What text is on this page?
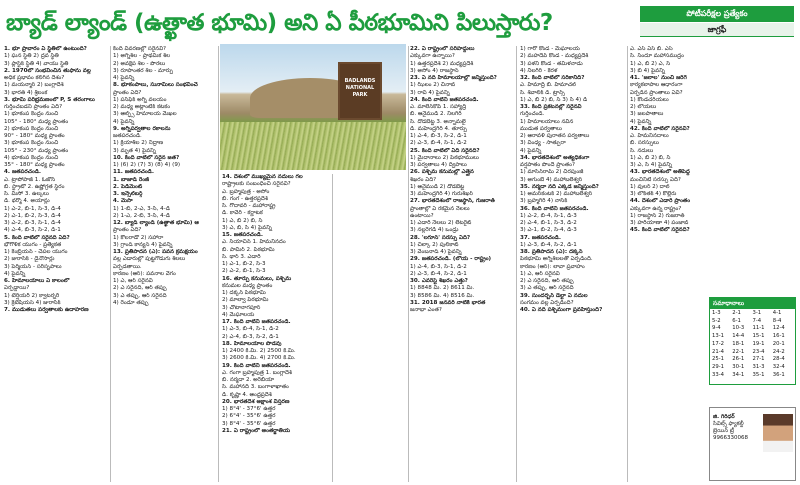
బ్యాడ్ ల్యాండ్ (ఉత్ఖాత భూమి) అని ఏ పీఠభూమిని పిలుస్తారు?	పోటీపరీక్షల ప్రత్యేకం
జాగ్రఫీ

1. భూ ప్రావారం ఏ స్థితిలో ఉంటుంది?

1) ఘన స్థితి 2) ద్రవ స్థితి

3) ప్లాస్టిక్ స్థితి 4) వాయు స్థితి

2. 1970లో సంభవించిన తుఫాను వల్ల

అధిక ప్రభావం కలిగిన దేశం?

1) మయన్మార్ 2) బంగ్లాదేశ్

3) భారత్ 4) శ్రీలంక

3. భూమి పరిభ్రమణంలో P, S తరంగాలు

గుర్తించబడని ప్రాంతం ఏది?

1) భూకంప కేంద్రం నుంచి

105° - 180° మధ్య ప్రాంతం

2) భూకంప కేంద్రం నుంచి

90° - 180° మధ్య ప్రాంతం

3) భూకంప కేంద్రం నుంచి

105° - 230° మధ్య ప్రాంతం

4) భూకంప కేంద్రం నుంచి

35° - 180° మధ్య ప్రాంతం

4. జతపరచండి.

ఎ. ట్రాపోపాజ్ 1. ఓజోన్

బి. స్ట్రాటో 2. ఉష్ణోగ్రత స్థిరం

సి. మీసో 3. ఉల్కలు

డి. థర్మో 4. అయాన్లు

1) ఎ-2, బి-1, సి-3, డి-4

2) ఎ-1, బి-2, సి-3, డి-4

3) ఎ-2, బి-3, సి-1, డి-4

4) ఎ-4, బి-3, సి-2, డి-1

5. కింది వాటిలో సరైనది ఏది?

భౌగోళిక యుగం - ప్రత్యేకత

1) కేంబ్రియన్ - చేపల యుగం

2) జురాసిక్ - డైనోసార్లు

3) పెర్మియన్ - సరీసృపాలు

4) పైవన్నీ

6. హిమాలయాలు ఏ కాలంలో

ఏర్పడ్డాయి?

1) టెర్షియరీ 2) క్వాటర్నరీ

3) క్రెటేషియస్ 4) జురాసిక్

7. ముడుతలు పర్వతాలకు ఉదాహరణ

కింది వివరణల్లో సరైనవి?

1) అగ్నిశిల - ప్రాథమిక శిల

2) అవక్షేప శిల - పొరలు

3) రూపాంతర శిల - మార్పు

4) పైవన్నీ

8. భూకంపాలు, సునామీలు సంభవించే

ప్రాంతం ఏది?

1) పసిఫిక్ అగ్ని వలయం

2) మధ్య అట్లాంటిక్ కటకం

3) ఆల్ఫ్స్ హిమాలయ మేఖల

4) పైవన్నీ

9. అగ్నిపర్వతాల రకాలను

జతపరచండి.

1) క్రియాశీల 2) నిద్రాణ

3) మృత 4) పైవన్నీ

10. కింది వాటిలో సరైన జత?

1) (6) 2) (7) 3) (8) 4) (9)

11. జతపరచండి.

1. బాజాడ్ రేంజ్

2. పెడిమెంట్

3. ఇన్సెల్‌బర్గ్

4. మెసా

1) 1-బి, 2-ఎ, 3-సి, 4-డి

2) 1-ఎ, 2-బి, 3-సి, 4-డి

12. బ్యాడ్ ల్యాండ్ (ఉత్ఖాత భూమి) ఆ

ప్రాంతం ఏది?

1) కోలరాడో 2) సహారా

3) గ్రాండ్ కాన్యన్ 4) పైవన్నీ

13. ప్రతిపాదన (ఎ): పవన క్రమక్షయం

వల్ల ఎడారుల్లో పుట్టగొడుగు శిలలు

ఏర్పడతాయి.

కారణం (ఆర్): పవనాల వేగం

1) ఎ, ఆర్ సరైనవి

2) ఎ సరైనది, ఆర్ తప్పు

3) ఎ తప్పు, ఆర్ సరైనది

4) రెండూ తప్పు

BADLANDS
NATIONAL PARK

14. దేశంలో ముఖ్యమైన నదులు గల

రాష్ట్రాలకు సంబంధించి సరైనవి?

ఎ. బ్రహ్మపుత్ర - అసోం

బి. గంగ - ఉత్తరప్రదేశ్

సి. గోదావరి - మహారాష్ట్ర

డి. కావేరి - కర్ణాటక

1) ఎ, బి 2) బి, సి

3) ఎ, బి, సి 4) పైవన్నీ

15. జతపరచండి.

ఎ. సియాచిన్ 1. హిమనీనదం

బి. పామీర్ 2. పీఠభూమి

సి. థార్ 3. ఎడారి

1) ఎ-1, బి-2, సి-3

2) ఎ-2, బి-1, సి-3

16. తూర్పు కనుమలు, పశ్చిమ

కనుమల మధ్య ప్రాంతం

1) దక్కన్ పీఠభూమి

2) మాల్వా పీఠభూమి

3) చోటానాగపూర్

4) మేఘాలయ

17. కింది వాటిని జతపరచండి.

1) ఎ-3, బి-4, సి-1, డి-2

2) ఎ-4, బి-3, సి-2, డి-1

18. హిమాలయాల పొడవు

1) 2400 కి.మీ. 2) 2500 కి.మీ.

3) 2600 కి.మీ. 4) 2700 కి.మీ.

19. కింది వాటిని జతపరచండి.

ఎ. గంగా బ్రహ్మపుత్ర 1. బంగ్లాదేశ్

బి. నర్మదా 2. అరేబియా

సి. మహానది 3. బంగాళాఖాతం

డి. కృష్ణా 4. ఆంధ్రప్రదేశ్

20. భారతదేశ అక్షాంశ విస్తరణ

1) 8°4' - 37°6' ఉత్తర

2) 6°4' - 35°6' ఉత్తర

3) 8°4' - 35°6' ఉత్తర

21. ఏ రాష్ట్రంలో అంతర్జాతీయ

22. ఏ రాష్ట్రంలో సరిహద్దులు

ఎక్కువగా ఉన్నాయి?

1) ఉత్తరప్రదేశ్ 2) మధ్యప్రదేశ్

3) అసోం 4) రాజస్థాన్

23. ఏ నది హిమాలయాల్లో జన్మిస్తుంది?

1) ఝీలం 2) చీనాబ్

3) రావి 4) పైవన్నీ

24. కింది వాటిని జతపరచండి.

ఎ. మాలెన్‌కోవ్ 1. సహ్యాద్రి

బి. ఆనైముడి 2. నీలగిరి

సి. దొడబెట్ట 3. అన్నామలై

డి. మహేంద్రగిరి 4. తూర్పు

1) ఎ-4, బి-3, సి-2, డి-1

2) ఎ-3, బి-4, సి-1, డి-2

25. కింది వాటిలో ఏది సరైనది?

1) మైదానాలు 2) పీఠభూములు

3) పర్వతాలు 4) ద్వీపాలు

26. పశ్చిమ కనుమల్లో ఎత్తైన

శిఖరం ఏది?

1) ఆనైముడి 2) దొడబెట్ట

3) మహేంద్రగిరి 4) గురుశిఖర్

27. భారతదేశంలో రాజస్థాన్, గుజరాత్

ప్రాంతాల్లో ఏ రకమైన నేలలు

ఉంటాయి?

1) ఎడారి నేలలు 2) లేటరైట్

3) నల్లరేగడి 4) ఒండ్రు

28. 'లగూన్' సరస్సు ఏది?

1) చిల్కా 2) పులికాట్

3) వేంబనాడ్ 4) పైవన్నీ

29. జతపరచండి. (లోయ - రాష్ట్రం)

1) ఎ-4, బి-3, సి-1, డి-2

2) ఎ-3, బి-4, సి-2, డి-1

30. ఎవరెస్ట్ శిఖరం ఎత్తు?

1) 8848 మీ. 2) 8611 మీ.

3) 8586 మీ. 4) 8516 మీ.

31. 2018 జనవరి నాటికి భారత

జనాభా ఎంత?

1) గారో కొండ - మేఘాలయ

2) మహదేవ్ కొండ - మధ్యప్రదేశ్

3) పళని కొండ - తమిళనాడు

4) నీలగిరి - కేరళ

32. కింది వాటిలో సరికానిది?

ఎ. హిమాద్రి బి. హిమాచల్

సి. శివాలిక్ డి. ట్రాన్స్

1) ఎ, బి 2) బి, సి 3) సి 4) డి

33. కింది ప్రకటనల్లో సరైనవి

గుర్తించండి.

1) హిమాలయాలు నవీన

ముడుత పర్వతాలు

2) ఆరావళి పురాతన పర్వతాలు

3) వింధ్య - సాత్పురా

4) పైవన్నీ

34. భారతదేశంలో అత్యధికంగా

వర్షపాతం పొందే ప్రాంతం?

1) మాసిన్‌రామ్ 2) చిరపుంజీ

3) అగుంబే 4) మహాబలేశ్వర్

35. నర్మదా నది ఎక్కడ జన్మిస్తుంది?

1) అమర్‌కంటక్ 2) మహాబలేశ్వర్

3) బ్రహ్మగిరి 4) నాసిక్

36. కింది వాటిని జతపరచండి.

1) ఎ-2, బి-4, సి-1, డి-3

2) ఎ-4, బి-1, సి-3, డి-2

3) ఎ-1, బి-2, సి-4, డి-3

37. జతపరచండి.

1) ఎ-3, బి-4, సి-2, డి-1

38. ప్రతిపాదన (ఎ): దక్కన్

పీఠభూమి అగ్నిశిలలతో ఏర్పడింది.

కారణం (ఆర్): లావా ప్రవాహం

1) ఎ, ఆర్ సరైనవి

2) ఎ సరైనది, ఆర్ తప్పు

3) ఎ తప్పు, ఆర్ సరైనది

39. సుందర్బన్ డెల్టా ఏ నదుల

సంగమం వల్ల ఏర్పడింది?

40. ఏ నది పశ్చిమంగా ప్రవహిస్తుంది?

ఎ. ఎస్ ఏస్ బి. ఎస్

సి. సిందూ మహాసముద్రం

1) ఎ, బి 2) ఎ, సి

3) బి 4) పైవన్నీ

41. 'జలాల' నుంచి జరిగే

కార్యకలాపాల ఆధారంగా

ఏర్పడిన ప్రాంతాలు ఏవి?

1) కొండచరియలు

2) లోయలు

3) జలపాతాలు

4) పైవన్నీ

42. కింది వాటిలో సరైనవి?

ఎ. హిమనీనదాలు

బి. సరస్సులు

సి. నదులు

1) ఎ, బి 2) బి, సి

3) ఎ, సి 4) పైవన్నీ

43. భారతదేశంలో అతిపెద్ద

మంచినీటి సరస్సు ఏది?

1) వులర్ 2) దాల్

3) లోక్‌తక్ 4) కొల్లేరు

44. దేశంలో ఎడారి ప్రాంతం

ఎక్కువగా ఉన్న రాష్ట్రం?

1) రాజస్థాన్ 2) గుజరాత్

3) హరియాణా 4) పంజాబ్

45. కింది వాటిలో సరైనది?

సమాధానాలు
1-3	2-1	3-1	4-1
5-2	6-1	7-4	8-4
9-4	10-3	11-1	12-4
13-1	14-4	15-1	16-1
17-2	18-1	19-1	20-1
21-4	22-1	23-4	24-2
25-1	26-1	27-1	28-4
29-1	30-1	31-3	32-4
33-4	34-1	35-1	36-1
జి. గిరిధర్
సివిల్స్ ఫ్యాకల్టీ
బ్రెయిన్ ట్రీ
9966330068
